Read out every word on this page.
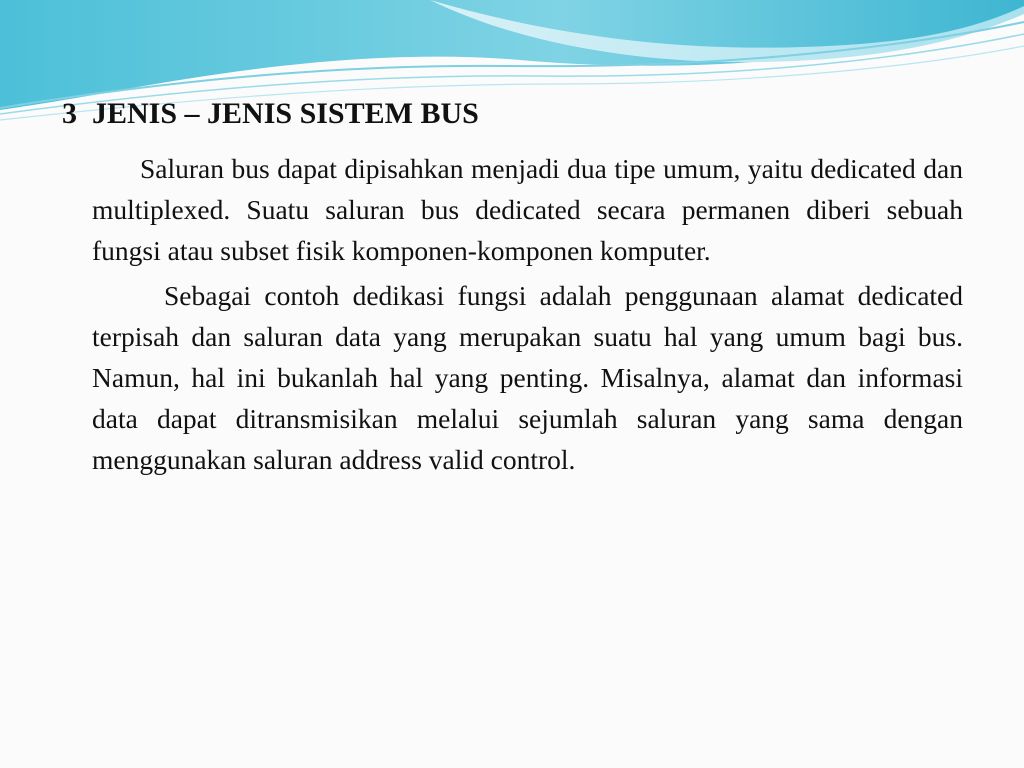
3  JENIS – JENIS SISTEM BUS

Saluran bus dapat dipisahkan menjadi dua tipe umum, yaitu dedicated dan multiplexed. Suatu saluran bus dedicated secara permanen diberi sebuah fungsi atau subset fisik komponen-komponen komputer.

Sebagai contoh dedikasi fungsi adalah penggunaan alamat dedicated terpisah dan saluran data yang merupakan suatu hal yang umum bagi bus. Namun, hal ini bukanlah hal yang penting. Misalnya, alamat dan informasi data dapat ditransmisikan melalui sejumlah saluran yang sama dengan menggunakan saluran address valid control.
